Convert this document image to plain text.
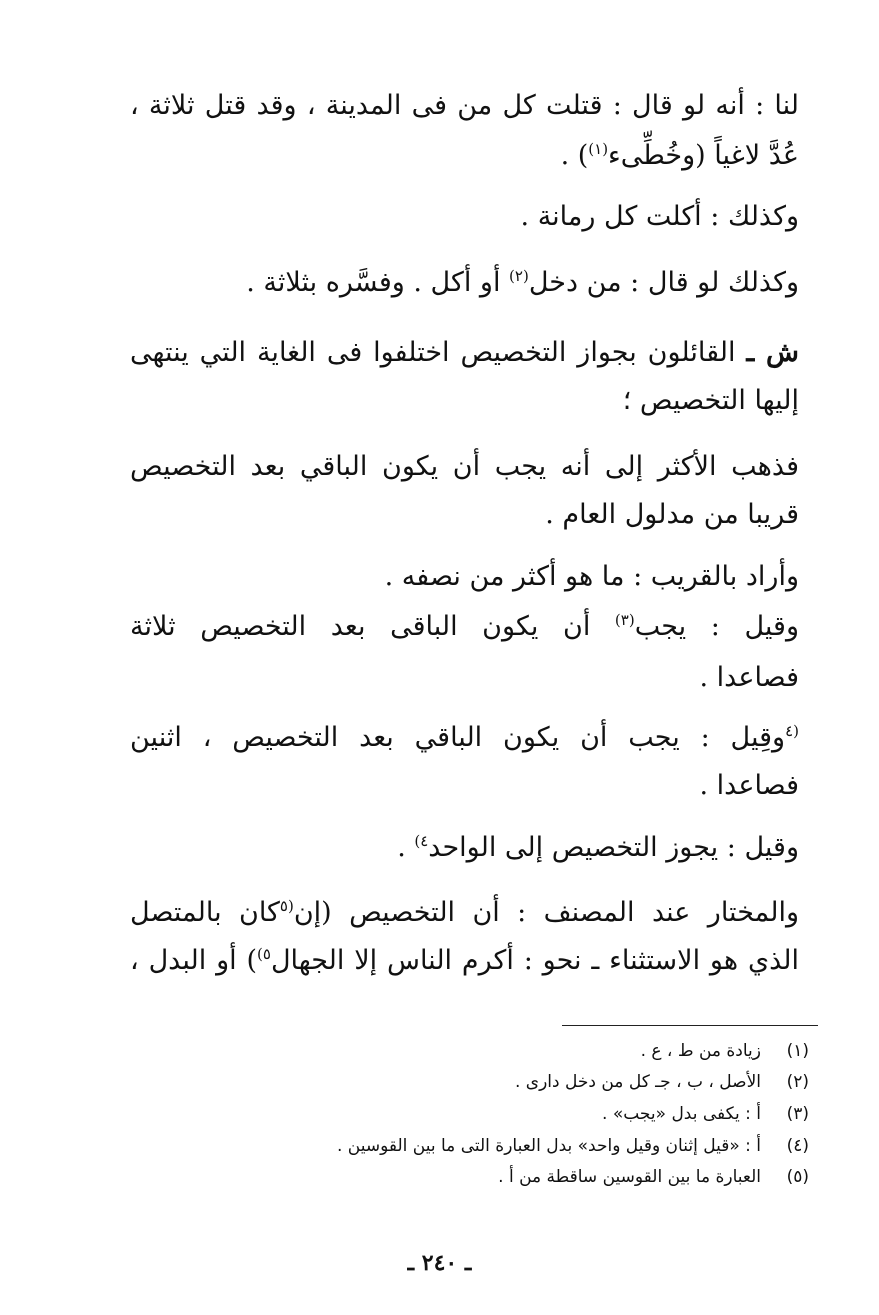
لنا : أنه لو قال : قتلت كل من فى المدينة ، وقد قتل ثلاثة ،
عُدَّ لاغياً (وخُطِّىء$^{(١)}$) .
وكذلك : أكلت كل رمانة .
وكذلك لو قال : من دخل$^{(٢)}$ أو أكل . وفسَّره بثلاثة .
ش ـ القائلون بجواز التخصيص اختلفوا فى الغاية التي ينتهى
إليها التخصيص ؛
فذهب الأكثر إلى أنه يجب أن يكون الباقي بعد التخصيص
قريبا من مدلول العام .
وأراد بالقريب : ما هو أكثر من نصفه .
وقيل : يجب$^{(٣)}$ أن يكون الباقى بعد التخصيص ثلاثة
فصاعدا .
$^{(٤}$وقِيل : يجب أن يكون الباقي بعد التخصيص ، اثنين
فصاعدا .
وقيل : يجوز التخصيص إلى الواحد$^{٤)}$ .
والمختار عند المصنف : أن التخصيص (إن$^{(٥}$كان بالمتصل
الذي هو الاستثناء ـ نحو : أكرم الناس إلا الجهال$^{٥)}$) أو البدل ،
(١)زيادة من ط ، ع .
(٢)الأصل ، ب ، جـ كل من دخل دارى .
(٣)أ : يكفى بدل «يجب» .
(٤)أ : «قيل إثنان وقيل واحد» بدل العبارة التى ما بين القوسين .
(٥)العبارة ما بين القوسين ساقطة من أ .
ـ ٢٤٠ ـ
